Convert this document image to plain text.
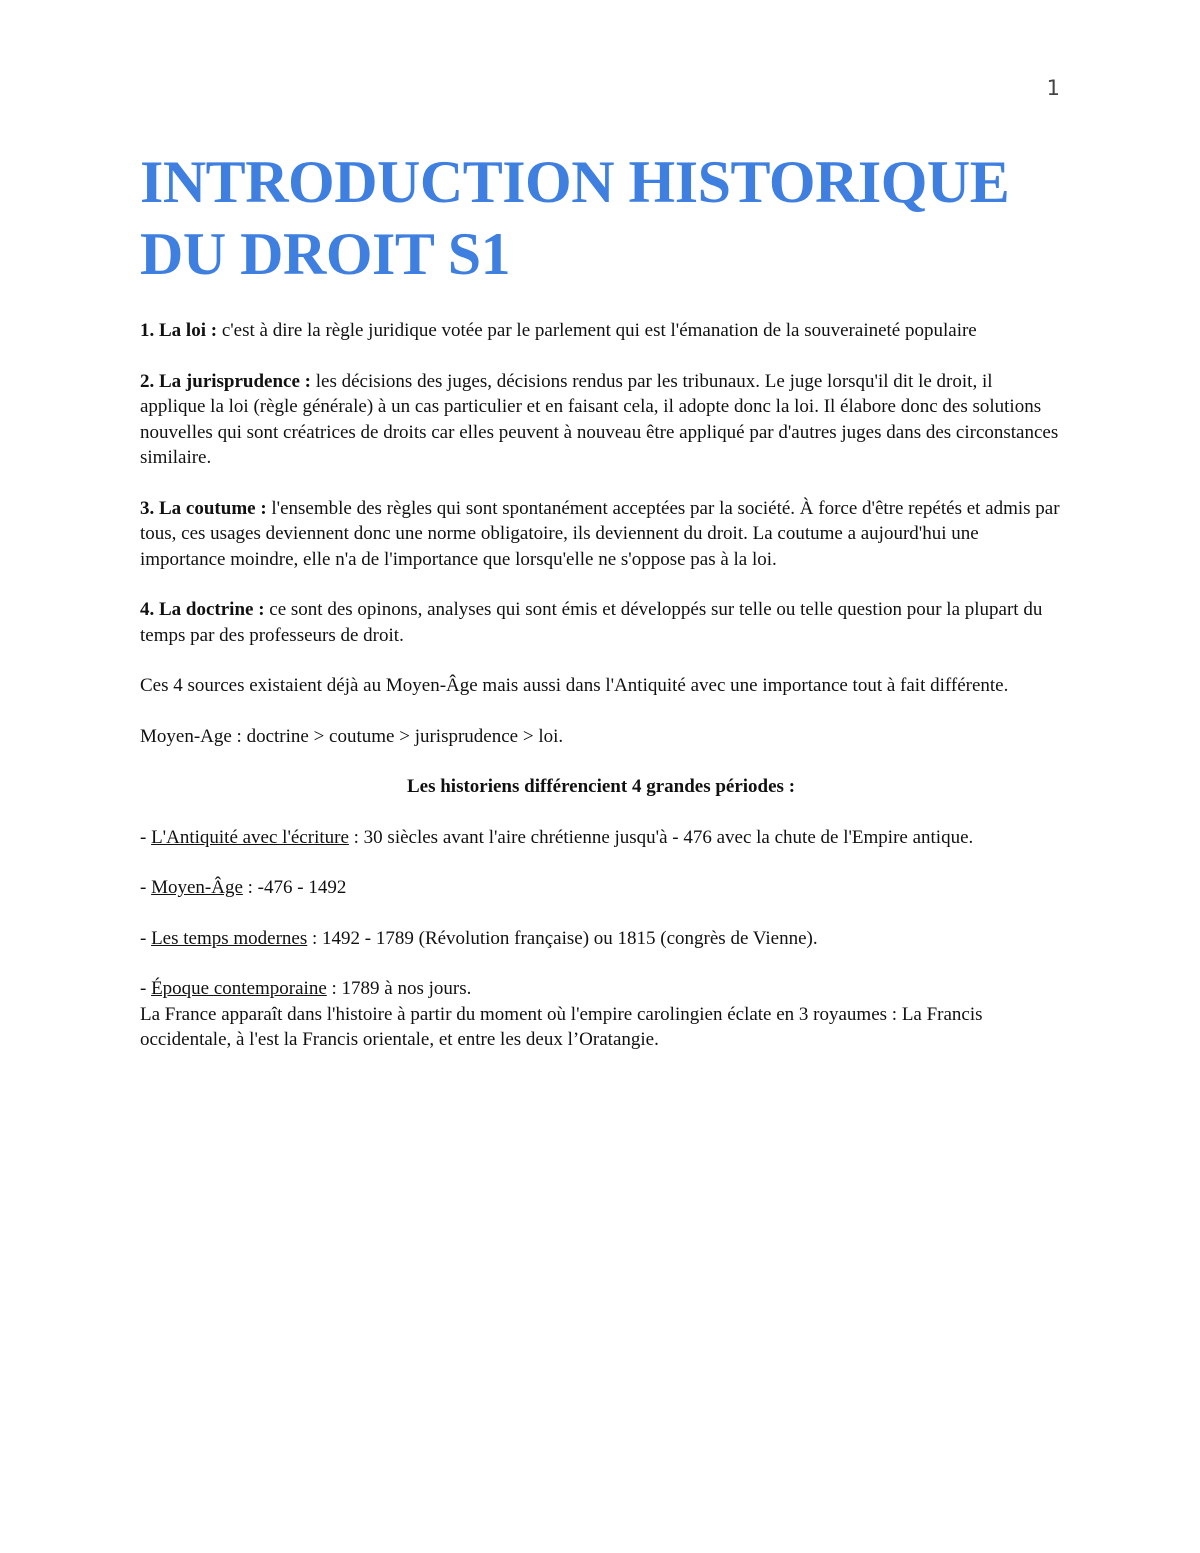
1
INTRODUCTION HISTORIQUE DU DROIT S1

1. La loi : c'est à dire la règle juridique votée par le parlement qui est l'émanation de la souveraineté populaire

2. La jurisprudence : les décisions des juges, décisions rendus par les tribunaux. Le juge lorsqu'il dit le droit, il applique la loi (règle générale) à un cas particulier et en faisant cela, il adopte donc la loi. Il élabore donc des solutions nouvelles qui sont créatrices de droits car elles peuvent à nouveau être appliqué par d'autres juges dans des circonstances similaire.

3. La coutume : l'ensemble des règles qui sont spontanément acceptées par la société. À force d'être repétés et admis par tous, ces usages deviennent donc une norme obligatoire, ils deviennent du droit. La coutume a aujourd'hui une importance moindre, elle n'a de l'importance que lorsqu'elle ne s'oppose pas à la loi.

4. La doctrine : ce sont des opinons, analyses qui sont émis et développés sur telle ou telle question pour la plupart du temps par des professeurs de droit.

Ces 4 sources existaient déjà au Moyen-Âge mais aussi dans l'Antiquité avec une importance tout à fait différente.

Moyen-Age : doctrine > coutume > jurisprudence > loi.

Les historiens différencient 4 grandes périodes :

- L'Antiquité avec l'écriture : 30 siècles avant l'aire chrétienne jusqu'à - 476 avec la chute de l'Empire antique.

- Moyen-Âge : -476 - 1492

- Les temps modernes : 1492 - 1789 (Révolution française) ou 1815 (congrès de Vienne).

- Époque contemporaine : 1789 à nos jours.

La France apparaît dans l'histoire à partir du moment où l'empire carolingien éclate en 3 royaumes : La Francis occidentale, à l'est la Francis orientale, et entre les deux l’Oratangie.
